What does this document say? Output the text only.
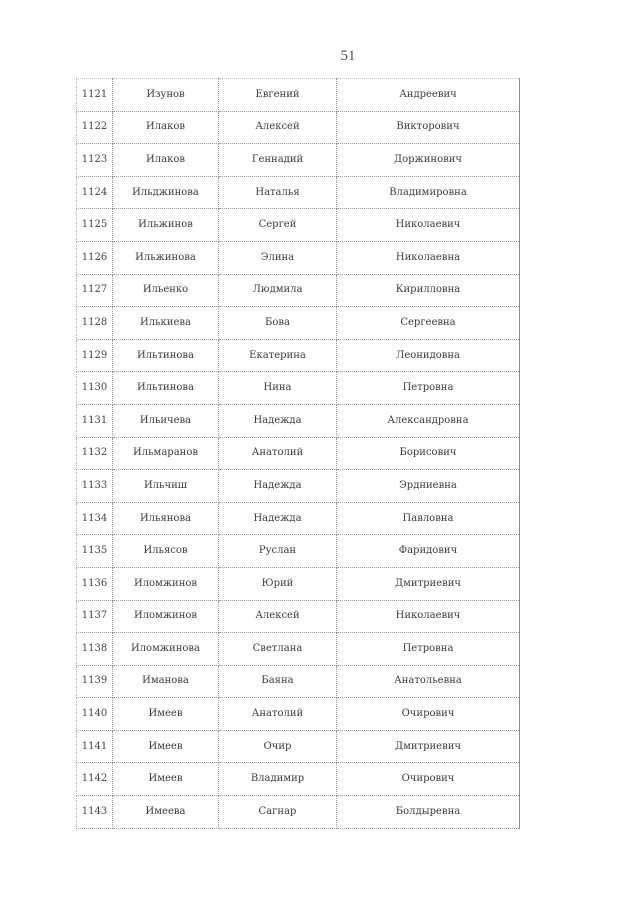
51
1121	Изунов	Евгений	Андреевич
1122	Илаков	Алексей	Викторович
1123	Илаков	Геннадий	Доржинович
1124	Ильджинова	Наталья	Владимировна
1125	Ильжинов	Сергей	Николаевич
1126	Ильжинова	Элина	Николаевна
1127	Ильенко	Людмила	Кирилловна
1128	Илькиева	Бова	Сергеевна
1129	Ильтинова	Екатерина	Леонидовна
1130	Ильтинова	Нина	Петровна
1131	Ильичева	Надежда	Александровна
1132	Ильмаранов	Анатолий	Борисович
1133	Ильчиш	Надежда	Эрдниевна
1134	Ильянова	Надежда	Павловна
1135	Ильясов	Руслан	Фаридович
1136	Иломжинов	Юрий	Дмитриевич
1137	Иломжинов	Алексей	Николаевич
1138	Иломжинова	Светлана	Петровна
1139	Иманова	Баяна	Анатольевна
1140	Имеев	Анатолий	Очирович
1141	Имеев	Очир	Дмитриевич
1142	Имеев	Владимир	Очирович
1143	Имеева	Сагнар	Болдыревна
